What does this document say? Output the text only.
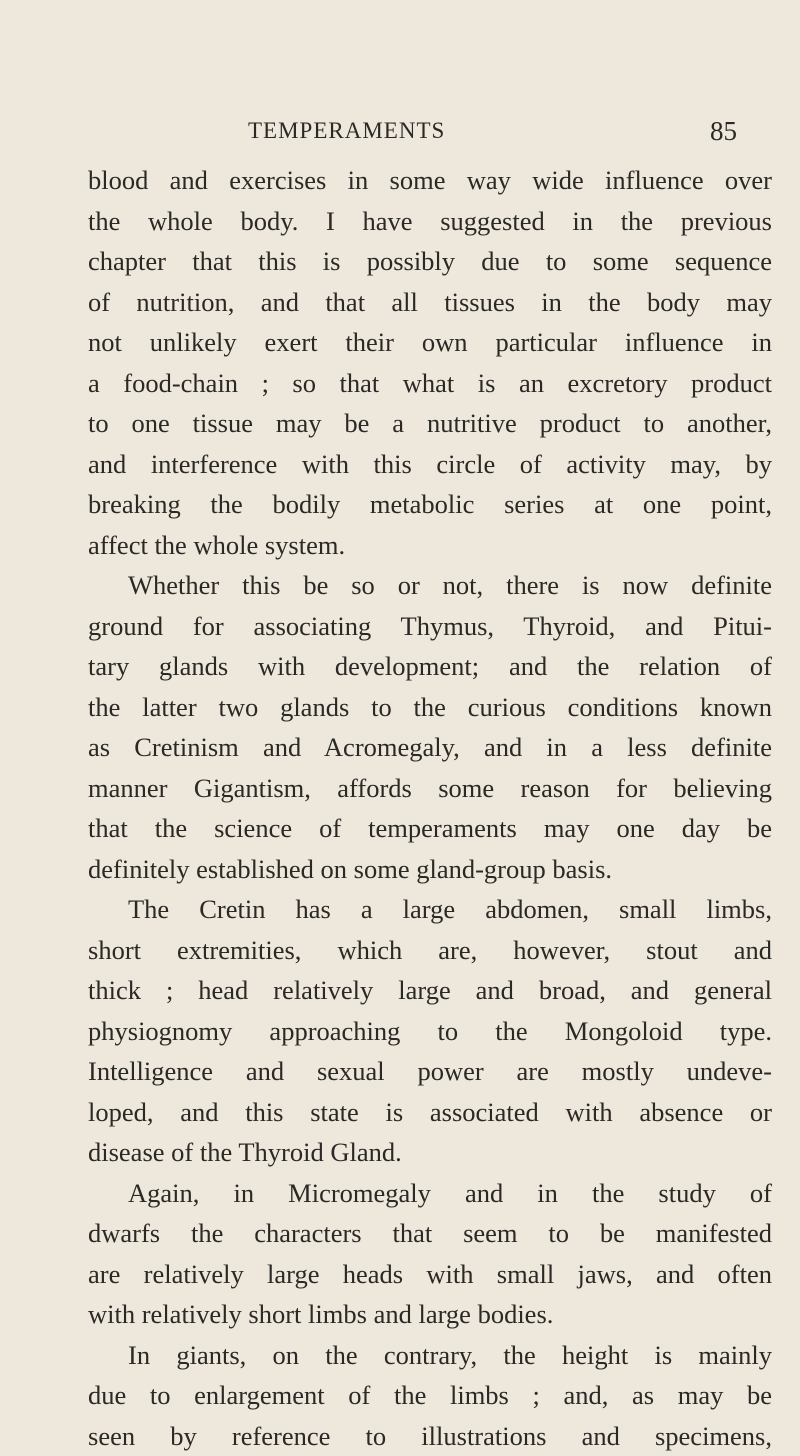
TEMPERAMENTS	85
blood and exercises in some way wide influence over
the whole body. I have suggested in the previous
chapter that this is possibly due to some sequence
of nutrition, and that all tissues in the body may
not unlikely exert their own particular influence in
a food-chain ; so that what is an excretory product
to one tissue may be a nutritive product to another,
and interference with this circle of activity may, by
breaking the bodily metabolic series at one point,
affect the whole system.
Whether this be so or not, there is now definite
ground for associating Thymus, Thyroid, and Pitui-
tary glands with development; and the relation of
the latter two glands to the curious conditions known
as Cretinism and Acromegaly, and in a less definite
manner Gigantism, affords some reason for believing
that the science of temperaments may one day be
definitely established on some gland-group basis.
The Cretin has a large abdomen, small limbs,
short extremities, which are, however, stout and
thick ; head relatively large and broad, and general
physiognomy approaching to the Mongoloid type.
Intelligence and sexual power are mostly undeve-
loped, and this state is associated with absence or
disease of the Thyroid Gland.
Again, in Micromegaly and in the study of
dwarfs the characters that seem to be manifested
are relatively large heads with small jaws, and often
with relatively short limbs and large bodies.
In giants, on the contrary, the height is mainly
due to enlargement of the limbs ; and, as may be
seen by reference to illustrations and specimens,
